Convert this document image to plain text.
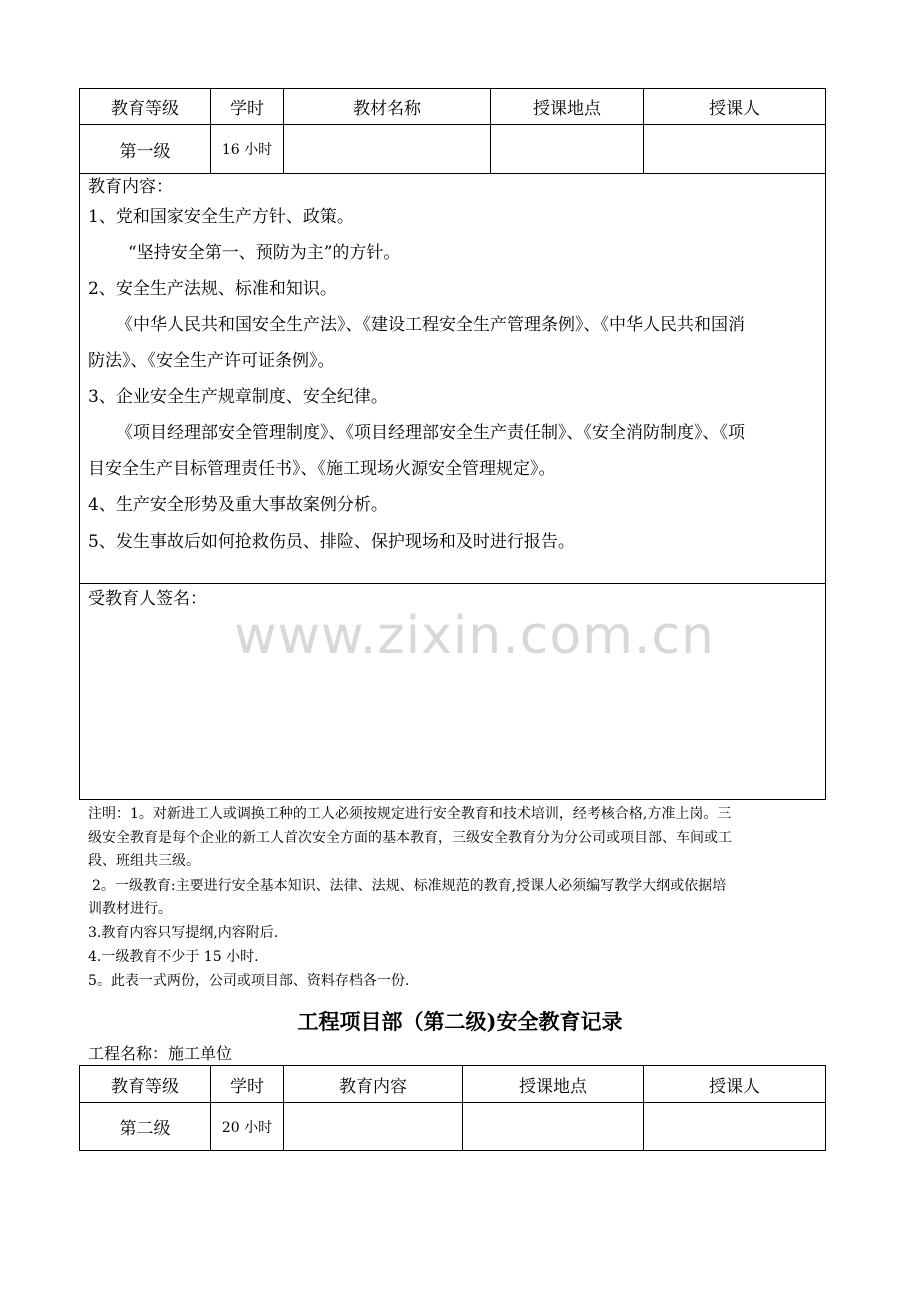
教育等级	学时	教材名称	授课地点	授课人
第一级	16 小时
教育内容：
1、党和国家安全生产方针、政策。
“坚持安全第一、预防为主”的方针。
2、安全生产法规、标准和知识。
《中华人民共和国安全生产法》、《建设工程安全生产管理条例》、《中华人民共和国消
防法》、《安全生产许可证条例》。
3、企业安全生产规章制度、安全纪律。
《项目经理部安全管理制度》、《项目经理部安全生产责任制》、《安全消防制度》、《项
目安全生产目标管理责任书》、《施工现场火源安全管理规定》。
4、生产安全形势及重大事故案例分析。
5、发生事故后如何抢救伤员、排险、保护现场和及时进行报告。
受教育人签名：
www.zixin.com.cn
注明：1。对新进工人或调换工种的工人必须按规定进行安全教育和技术培训，经考核合格,方准上岗。三
级安全教育是每个企业的新工人首次安全方面的基本教育，三级安全教育分为分公司或项目部、车间或工
段、班组共三级。
2。一级教育:主要进行安全基本知识、法律、法规、标准规范的教育,授课人必须编写教学大纲或依据培
训教材进行。
3.教育内容只写提纲,内容附后.
4.一级教育不少于 15 小时.
5。此表一式两份，公司或项目部、资料存档各一份.
工程项目部（第二级)安全教育记录
工程名称：施工单位
教育等级	学时	教育内容	授课地点	授课人
第二级	20 小时
